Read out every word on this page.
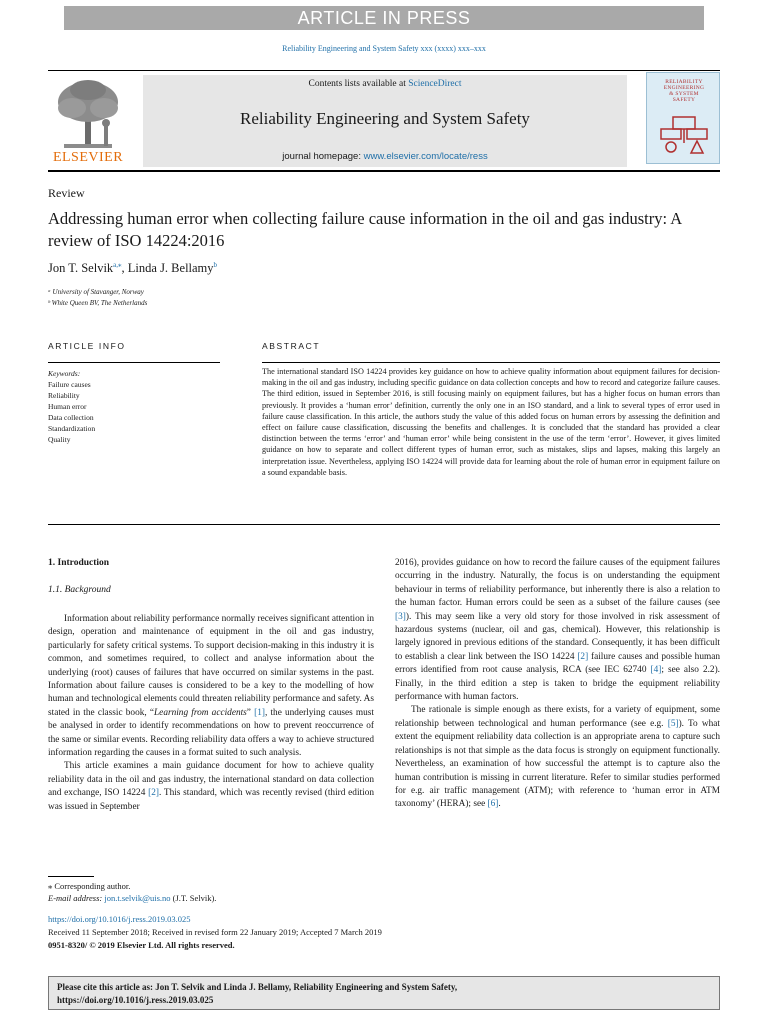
ARTICLE IN PRESS
Reliability Engineering and System Safety xxx (xxxx) xxx–xxx
ELSEVIER
Contents lists available at ScienceDirect
Reliability Engineering and System Safety
journal homepage: www.elsevier.com/locate/ress
RELIABILITY
ENGINEERING
& SYSTEM
SAFETY
Review
Addressing human error when collecting failure cause information in the oil and gas industry: A review of ISO 14224:2016
Jon T. Selvik$^{a,⁎}$, Linda J. Bellamy$^b$
ᵃ University of Stavanger, Norway
ᵇ White Queen BV, The Netherlands
ARTICLE INFO	ABSTRACT
Keywords:
Failure causes
Reliability
Human error
Data collection
Standardization
Quality
The international standard ISO 14224 provides key guidance on how to achieve quality information about equipment failures for decision-making in the oil and gas industry, including specific guidance on data collection concepts and how to record and categorize failure causes. The third edition, issued in September 2016, is still focusing mainly on equipment failures, but has a higher focus on human errors than previously. It provides a ‘human error’ definition, currently the only one in an ISO standard, and a link to several types of error used in failure cause classification. In this article, the authors study the value of this added focus on human errors by assessing the definition and effect on failure cause classification, discussing the benefits and challenges. It is concluded that the standard has provided a clear distinction between the terms ‘error’ and ‘human error’ while being consistent in the use of the term ‘error’. However, it gives limited guidance on how to separate and collect different types of human error, such as mistakes, slips and lapses, making this largely an interpretation issue. Nevertheless, applying ISO 14224 will provide data for learning about the role of human error in equipment failure on a sound expandable basis.
1. Introduction
1.1. Background

Information about reliability performance normally receives significant attention in design, operation and maintenance of equipment in the oil and gas industry, particularly for safety critical systems. To support decision-making in this industry it is common, and sometimes required, to collect and analyse information about the underlying (root) causes of failures that have occurred on similar systems in the past. Information about failure causes is considered to be a key to the modelling of how human and technological elements could threaten reliability performance and safety. As stated in the classic book, “Learning from accidents” [1], the underlying causes must be analysed in order to identify recommendations on how to prevent reoccurrence of the same or similar events. Recording reliability data offers a way to achieve structured information regarding the causes in a format suited to such analysis.

This article examines a main guidance document for how to achieve quality reliability data in the oil and gas industry, the international standard on data collection and exchange, ISO 14224 [2]. This standard, which was recently revised (third edition was issued in September

2016), provides guidance on how to record the failure causes of the equipment failures occurring in the industry. Naturally, the focus is on understanding the equipment behaviour in terms of reliability performance, but inherently there is also a relation to the human factor. Human errors could be seen as a subset of the failure causes (see [3]). This may seem like a very old story for those involved in risk assessment of hazardous systems (nuclear, oil and gas, chemical). However, this relationship is largely ignored in previous editions of the standard. Consequently, it has been difficult to establish a clear link between the ISO 14224 [2] failure causes and possible human errors identified from root cause analysis, RCA (see IEC 62740 [4]; see also 2.2). Finally, in the third edition a step is taken to bridge the equipment reliability performance with human factors.

The rationale is simple enough as there exists, for a variety of equipment, some relationship between technological and human performance (see e.g. [5]). To what extent the equipment reliability data collection is an appropriate arena to capture such relationships is not that simple as the data focus is strongly on equipment functionally. Nevertheless, an examination of how successful the attempt is to capture also the human contribution is missing in current literature. Refer to similar studies performed for e.g. air traffic management (ATM); with reference to ‘human error in ATM taxonomy’ (HERA); see [6].

⁎ Corresponding author.
E-mail address: jon.t.selvik@uis.no (J.T. Selvik).
https://doi.org/10.1016/j.ress.2019.03.025
Received 11 September 2018; Received in revised form 22 January 2019; Accepted 7 March 2019
0951-8320/ © 2019 Elsevier Ltd. All rights reserved.
Please cite this article as: Jon T. Selvik and Linda J. Bellamy, Reliability Engineering and System Safety,
https://doi.org/10.1016/j.ress.2019.03.025
